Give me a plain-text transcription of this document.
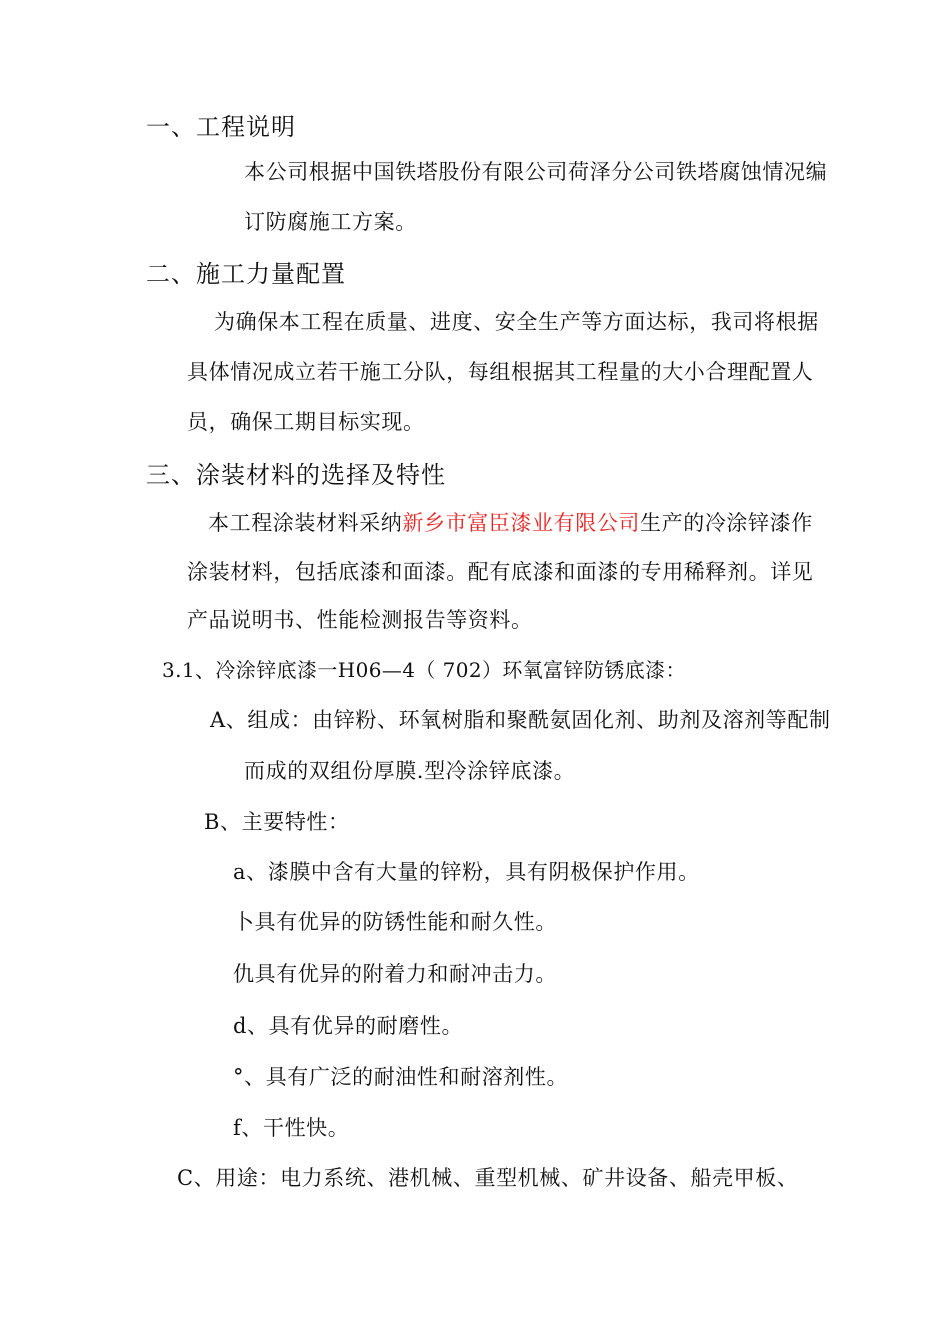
一、工程说明
本公司根据中国铁塔股份有限公司荷泽分公司铁塔腐蚀情况编
订防腐施工方案。
二、施工力量配置
为确保本工程在质量、进度、安全生产等方面达标，我司将根据
具体情况成立若干施工分队，每组根据其工程量的大小合理配置人
员，确保工期目标实现。
三、涂装材料的选择及特性
本工程涂装材料采纳新乡市富臣漆业有限公司生产的冷涂锌漆作
涂装材料，包括底漆和面漆。配有底漆和面漆的专用稀释剂。详见
产品说明书、性能检测报告等资料。
3.1、冷涂锌底漆一H06—4（ 702）环氧富锌防锈底漆：
A、组成：由锌粉、环氧树脂和聚酰氨固化剂、助剂及溶剂等配制
而成的双组份厚膜.型冷涂锌底漆。
B、主要特性：
a、漆膜中含有大量的锌粉，具有阴极保护作用。
卜具有优异的防锈性能和耐久性。
仇具有优异的附着力和耐冲击力。
d、具有优异的耐磨性。
°、具有广泛的耐油性和耐溶剂性。
f、干性快。
C、用途：电力系统、港机械、重型机械、矿井设备、船壳甲板、
